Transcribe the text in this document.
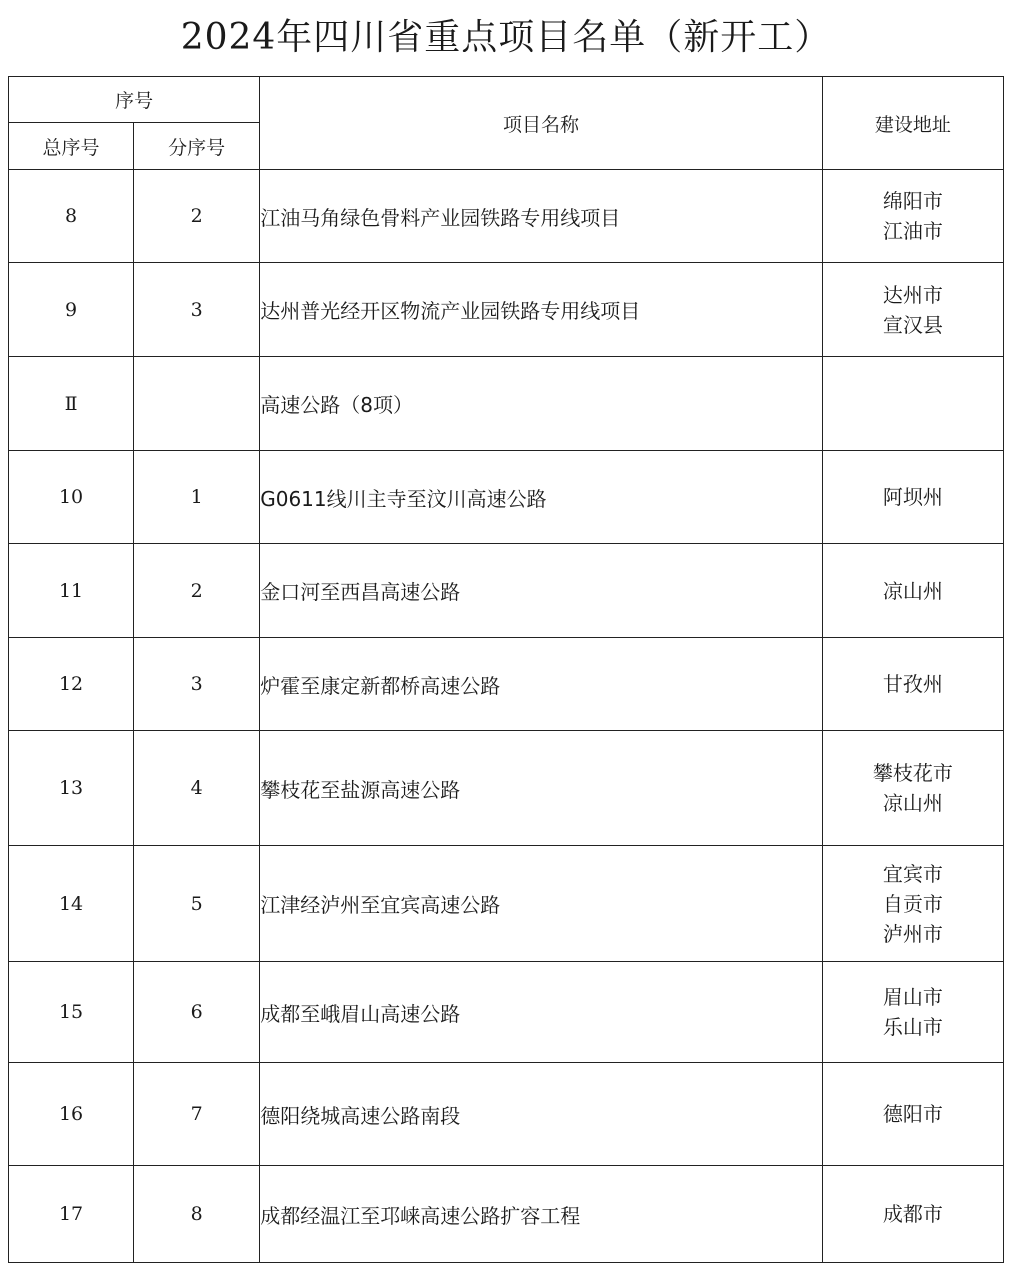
2024年四川省重点项目名单（新开工）
序号		项目名称	建设地址
总序号	分序号		
8	2	江油马角绿色骨料产业园铁路专用线项目	绵阳市
江油市

9	3	达州普光经开区物流产业园铁路专用线项目	达州市
宣汉县

Ⅱ		高速公路（8项）	
10	1	G0611线川主寺至汶川高速公路	阿坝州

11	2	金口河至西昌高速公路	凉山州

12	3	炉霍至康定新都桥高速公路	甘孜州

13	4	攀枝花至盐源高速公路	攀枝花市
凉山州

14	5	江津经泸州至宜宾高速公路	宜宾市
自贡市
泸州市

15	6	成都至峨眉山高速公路	眉山市
乐山市

16	7	德阳绕城高速公路南段	德阳市

17	8	成都经温江至邛崃高速公路扩容工程	成都市
